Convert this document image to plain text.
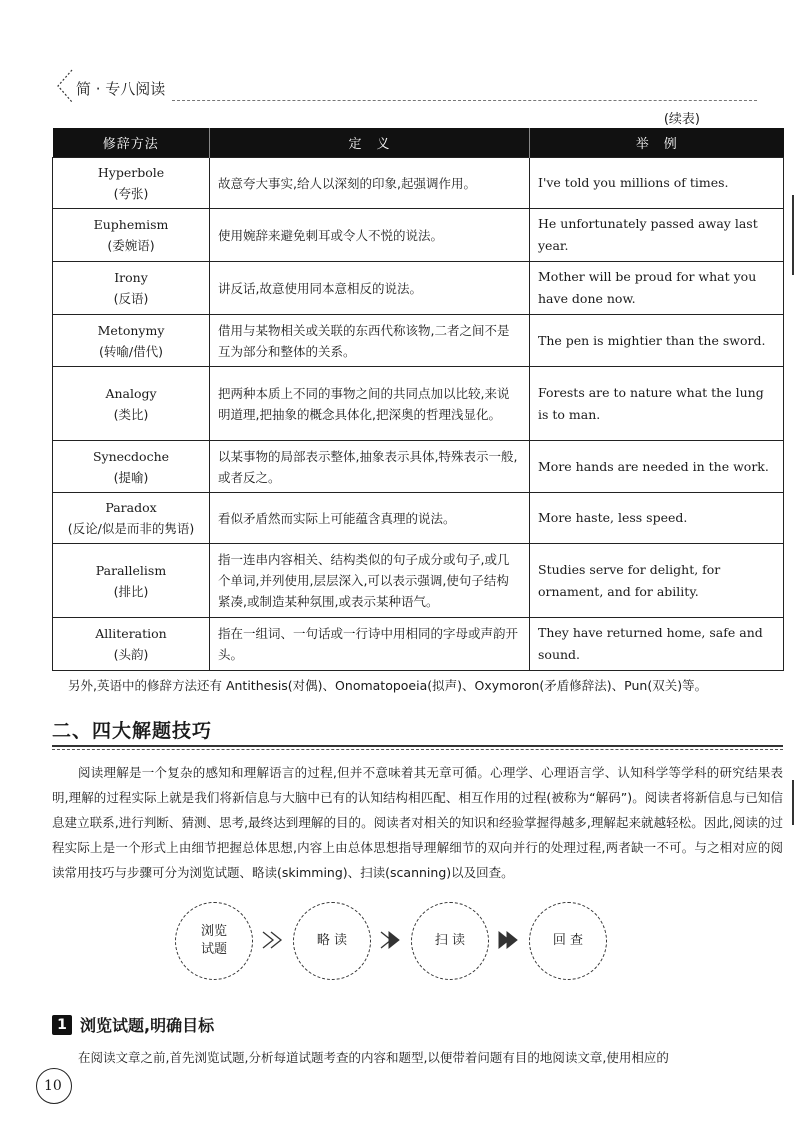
简 · 专八阅读
(续表)
修辞方法	定　义	举　例

Hyperbole
(夸张)	故意夸大事实,给人以深刻的印象,起强调作用。	I've told you millions of times.

Euphemism
(委婉语)	使用婉辞来避免刺耳或令人不悦的说法。	He unfortunately passed away last year.

Irony
(反语)	讲反话,故意使用同本意相反的说法。	Mother will be proud for what you have done now.

Metonymy
(转喻/借代)	借用与某物相关或关联的东西代称该物,二者之间不是互为部分和整体的关系。	The pen is mightier than the sword.

Analogy
(类比)	把两种本质上不同的事物之间的共同点加以比较,来说明道理,把抽象的概念具体化,把深奥的哲理浅显化。	Forests are to nature what the lung is to man.

Synecdoche
(提喻)	以某事物的局部表示整体,抽象表示具体,特殊表示一般,或者反之。	More hands are needed in the work.

Paradox
(反论/似是而非的隽语)	看似矛盾然而实际上可能蕴含真理的说法。	More haste, less speed.

Parallelism
(排比)	指一连串内容相关、结构类似的句子成分或句子,或几个单词,并列使用,层层深入,可以表示强调,使句子结构紧凑,或制造某种氛围,或表示某种语气。	Studies serve for delight, for ornament, and for ability.

Alliteration
(头韵)	指在一组词、一句话或一行诗中用相同的字母或声韵开头。	They have returned home, safe and sound.
另外,英语中的修辞方法还有 Antithesis(对偶)、Onomatopoeia(拟声)、Oxymoron(矛盾修辞法)、Pun(双关)等。
二、四大解题技巧

阅读理解是一个复杂的感知和理解语言的过程,但并不意味着其无章可循。心理学、心理语言学、认知科学等学科的研究结果表明,理解的过程实际上就是我们将新信息与大脑中已有的认知结构相匹配、相互作用的过程(被称为“解码”)。阅读者将新信息与已知信息建立联系,进行判断、猜测、思考,最终达到理解的目的。阅读者对相关的知识和经验掌握得越多,理解起来就越轻松。因此,阅读的过程实际上是一个形式上由细节把握总体思想,内容上由总体思想指导理解细节的双向并行的处理过程,两者缺一不可。与之相对应的阅读常用技巧与步骤可分为浏览试题、略读(skimming)、扫读(scanning)以及回查。

浏览
试题
略 读	扫 读	回 查
1 浏览试题,明确目标
在阅读文章之前,首先浏览试题,分析每道试题考查的内容和题型,以便带着问题有目的地阅读文章,使用相应的
10
